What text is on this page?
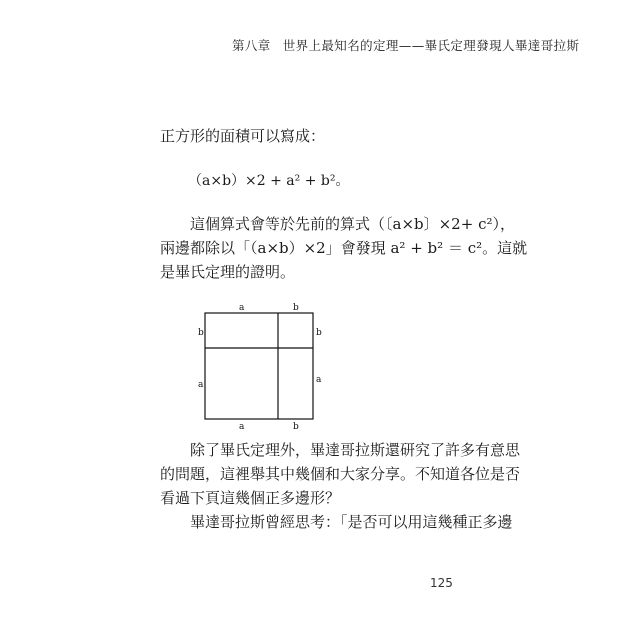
第八章 世界上最知名的定理——畢氏定理發現人畢達哥拉斯
正方形的面積可以寫成：
（a×b）×2 + a² + b²。
　　這個算式會等於先前的算式（〔a×b〕×2+ c²），
兩邊都除以「（a×b）×2」會發現 a² + b² ＝ c²。這就
是畢氏定理的證明。
a	b
b	b
a	a
a	b
　　除了畢氏定理外，畢達哥拉斯還研究了許多有意思
的問題，這裡舉其中幾個和大家分享。不知道各位是否
看過下頁這幾個正多邊形？
　　畢達哥拉斯曾經思考：「是否可以用這幾種正多邊
125
